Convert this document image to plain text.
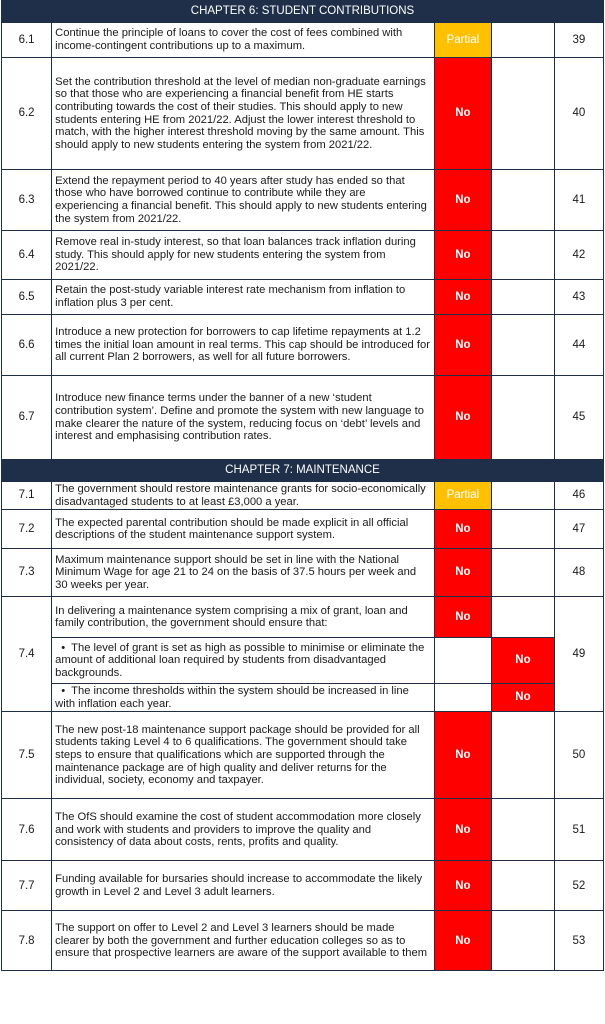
CHAPTER 6: STUDENT CONTRIBUTIONS				
6.1	Continue the principle of loans to cover the cost of fees combined with income-contingent contributions up to a maximum.	Partial		39
6.2	Set the contribution threshold at the level of median non-graduate earnings so that those who are experiencing a financial benefit from HE starts contributing towards the cost of their studies. This should apply to new students entering HE from 2021/22. Adjust the lower interest threshold to match, with the higher interest threshold moving by the same amount. This should apply to new students entering the system from 2021/22.	No		40
6.3	Extend the repayment period to 40 years after study has ended so that those who have borrowed continue to contribute while they are experiencing a financial benefit. This should apply to new students entering the system from 2021/22.	No		41
6.4	Remove real in-study interest, so that loan balances track inflation during study. This should apply for new students entering the system from 2021/22.	No		42
6.5	Retain the post-study variable interest rate mechanism from inflation to inflation plus 3 per cent.	No		43
6.6	Introduce a new protection for borrowers to cap lifetime repayments at 1.2 times the initial loan amount in real terms. This cap should be introduced for all current Plan 2 borrowers, as well for all future borrowers.	No		44
6.7	Introduce new finance terms under the banner of a new ‘student contribution system’. Define and promote the system with new language to make clearer the nature of the system, reducing focus on ‘debt’ levels and interest and emphasising contribution rates.	No		45
CHAPTER 7: MAINTENANCE				
7.1	The government should restore maintenance grants for socio-economically disadvantaged students to at least £3,000 a year.	Partial		46
7.2	The expected parental contribution should be made explicit in all official descriptions of the student maintenance support system.	No		47
7.3	Maximum maintenance support should be set in line with the National Minimum Wage for age 21 to 24 on the basis of 37.5 hours per week and 30 weeks per year.	No		48
7.4	In delivering a maintenance system comprising a mix of grant, loan and family contribution, the government should ensure that:	No		49
	• The level of grant is set as high as possible to minimise or eliminate the amount of additional loan required by students from disadvantaged backgrounds.		No	
	• The income thresholds within the system should be increased in line with inflation each year.		No	
7.5	The new post-18 maintenance support package should be provided for all students taking Level 4 to 6 qualifications. The government should take steps to ensure that qualifications which are supported through the maintenance package are of high quality and deliver returns for the individual, society, economy and taxpayer.	No		50
7.6	The OfS should examine the cost of student accommodation more closely and work with students and providers to improve the quality and consistency of data about costs, rents, profits and quality.	No		51
7.7	Funding available for bursaries should increase to accommodate the likely growth in Level 2 and Level 3 adult learners.	No		52
7.8	The support on offer to Level 2 and Level 3 learners should be made clearer by both the government and further education colleges so as to ensure that prospective learners are aware of the support available to them	No		53
